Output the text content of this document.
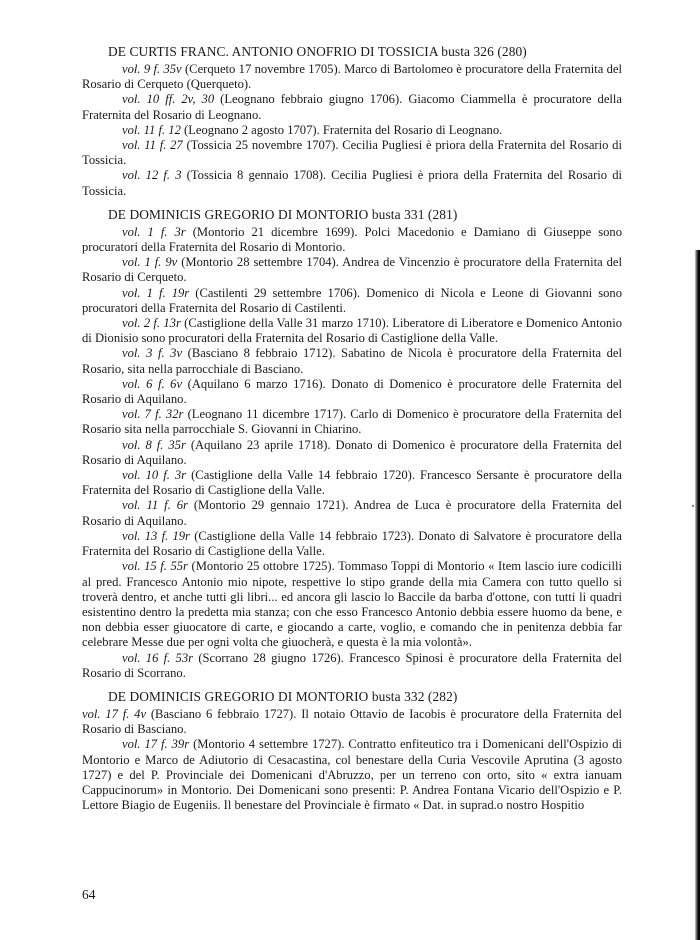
DE CURTIS FRANC. ANTONIO ONOFRIO DI TOSSICIA busta 326 (280)

vol. 9 f. 35v (Cerqueto 17 novembre 1705). Marco di Bartolomeo è procuratore della Fraternita del Rosario di Cerqueto (Querqueto).

vol. 10 ff. 2v, 30 (Leognano febbraio giugno 1706). Giacomo Ciammella è procuratore della Fraternita del Rosario di Leognano.

vol. 11 f. 12 (Leognano 2 agosto 1707). Fraternita del Rosario di Leognano.

vol. 11 f. 27 (Tossicia 25 novembre 1707). Cecilia Pugliesi è priora della Fraternita del Rosario di Tossicia.

vol. 12 f. 3 (Tossicia 8 gennaio 1708). Cecilia Pugliesi è priora della Fraternita del Rosario di Tossicia.

DE DOMINICIS GREGORIO DI MONTORIO busta 331 (281)

vol. 1 f. 3r (Montorio 21 dicembre 1699). Polci Macedonio e Damiano di Giuseppe sono procuratori della Fraternita del Rosario di Montorio.

vol. 1 f. 9v (Montorio 28 settembre 1704). Andrea de Vincenzio è procuratore della Fraternita del Rosario di Cerqueto.

vol. 1 f. 19r (Castilenti 29 settembre 1706). Domenico di Nicola e Leone di Giovanni sono procuratori della Fraternita del Rosario di Castilenti.

vol. 2 f. 13r (Castiglione della Valle 31 marzo 1710). Liberatore di Liberatore e Domenico Antonio di Dionisio sono procuratori della Fraternita del Rosario di Castiglione della Valle.

vol. 3 f. 3v (Basciano 8 febbraio 1712). Sabatino de Nicola è procuratore della Fraternita del Rosario, sita nella parrocchiale di Basciano.

vol. 6 f. 6v (Aquilano 6 marzo 1716). Donato di Domenico è procuratore delle Fraternita del Rosario di Aquilano.

vol. 7 f. 32r (Leognano 11 dicembre 1717). Carlo di Domenico è procuratore della Fraternita del Rosario sita nella parrocchiale S. Giovanni in Chiarino.

vol. 8 f. 35r (Aquilano 23 aprile 1718). Donato di Domenico è procuratore della Fraternita del Rosario di Aquilano.

vol. 10 f. 3r (Castiglione della Valle 14 febbraio 1720). Francesco Sersante è procuratore della Fraternita del Rosario di Castiglione della Valle.

vol. 11 f. 6r (Montorio 29 gennaio 1721). Andrea de Luca è procuratore della Fraternita del Rosario di Aquilano.

vol. 13 f. 19r (Castiglione della Valle 14 febbraio 1723). Donato di Salvatore è procuratore della Fraternita del Rosario di Castiglione della Valle.

vol. 15 f. 55r (Montorio 25 ottobre 1725). Tommaso Toppi di Montorio « Item lascio iure codicilli al pred. Francesco Antonio mio nipote, respettive lo stipo grande della mia Camera con tutto quello si troverà dentro, et anche tutti gli libri... ed ancora gli lascio lo Baccile da barba d'ottone, con tutti li quadri esistentino dentro la predetta mia stanza; con che esso Francesco Antonio debbia essere huomo da bene, e non debbia esser giuocatore di carte, e giocando a carte, voglio, e comando che in penitenza debbia far celebrare Messe due per ogni volta che giuocherà, e questa è la mia volontà».

vol. 16 f. 53r (Scorrano 28 giugno 1726). Francesco Spinosi è procuratore della Fraternita del Rosario di Scorrano.

DE DOMINICIS GREGORIO DI MONTORIO busta 332 (282)

vol. 17 f. 4v (Basciano 6 febbraio 1727). Il notaio Ottavio de Iacobis è procuratore della Fraternita del Rosario di Basciano.

vol. 17 f. 39r (Montorio 4 settembre 1727). Contratto enfiteutico tra i Domenicani dell'Ospizio di Montorio e Marco de Adiutorio di Cesacastina, col benestare della Curia Vescovile Aprutina (3 agosto 1727) e del P. Provinciale dei Domenicani d'Abruzzo, per un terreno con orto, sito « extra ianuam Cappucinorum» in Montorio. Dei Domenicani sono presenti: P. Andrea Fontana Vicario dell'Ospizio e P. Lettore Biagio de Eugeniis. Il benestare del Provinciale è firmato « Dat. in suprad.o nostro Hospitio

64
